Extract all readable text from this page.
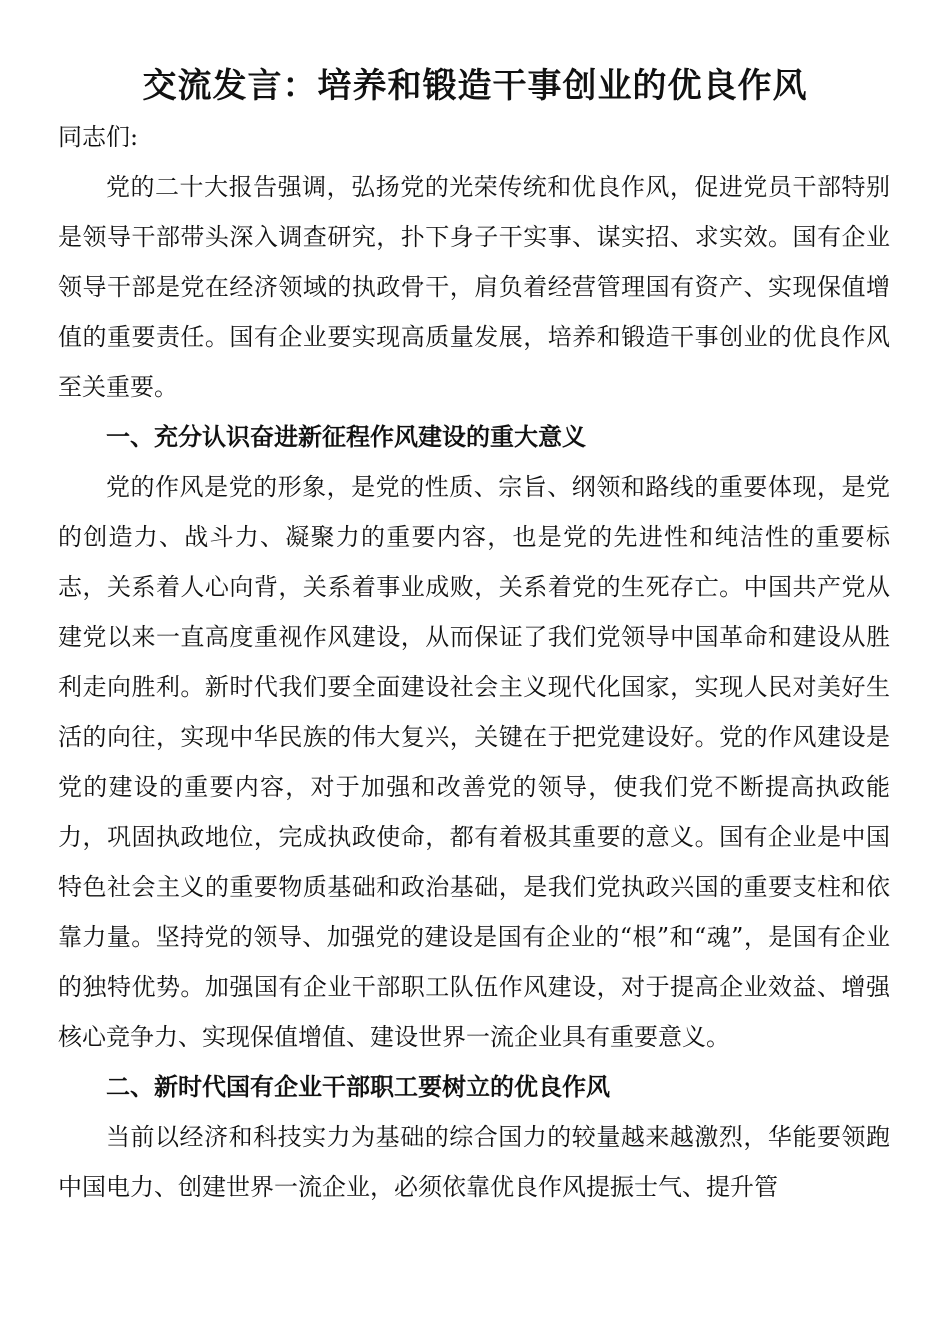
交流发言：培养和锻造干事创业的优良作风

同志们:

党的二十大报告强调，弘扬党的光荣传统和优良作风，促进党员干部特别是领导干部带头深入调查研究，扑下身子干实事、谋实招、求实效。国有企业领导干部是党在经济领域的执政骨干，肩负着经营管理国有资产、实现保值增值的重要责任。国有企业要实现高质量发展，培养和锻造干事创业的优良作风至关重要。

一、充分认识奋进新征程作风建设的重大意义

党的作风是党的形象，是党的性质、宗旨、纲领和路线的重要体现，是党的创造力、战斗力、凝聚力的重要内容，也是党的先进性和纯洁性的重要标志，关系着人心向背，关系着事业成败，关系着党的生死存亡。中国共产党从建党以来一直高度重视作风建设，从而保证了我们党领导中国革命和建设从胜利走向胜利。新时代我们要全面建设社会主义现代化国家，实现人民对美好生活的向往，实现中华民族的伟大复兴，关键在于把党建设好。党的作风建设是党的建设的重要内容，对于加强和改善党的领导，使我们党不断提高执政能力，巩固执政地位，完成执政使命，都有着极其重要的意义。国有企业是中国特色社会主义的重要物质基础和政治基础，是我们党执政兴国的重要支柱和依靠力量。坚持党的领导、加强党的建设是国有企业的“根”和“魂”，是国有企业的独特优势。加强国有企业干部职工队伍作风建设，对于提高企业效益、增强核心竞争力、实现保值增值、建设世界一流企业具有重要意义。

二、新时代国有企业干部职工要树立的优良作风

当前以经济和科技实力为基础的综合国力的较量越来越激烈，华能要领跑中国电力、创建世界一流企业，必须依靠优良作风提振士气、提升管
